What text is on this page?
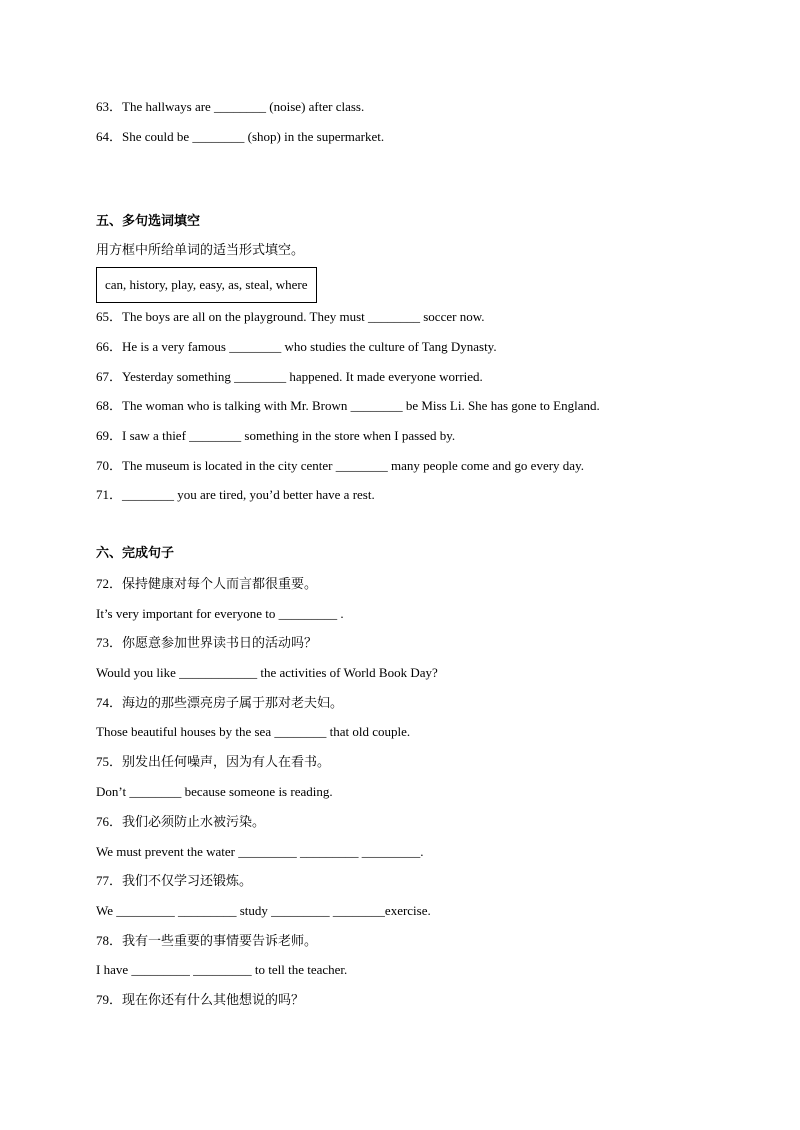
63．The hallways are ________ (noise) after class.
64．She could be ________ (shop) in the supermarket.
五、多句选词填空
用方框中所给单词的适当形式填空。
can, history, play, easy, as, steal, where
65．The boys are all on the playground. They must ________ soccer now.
66．He is a very famous ________ who studies the culture of Tang Dynasty.
67．Yesterday something ________ happened. It made everyone worried.
68．The woman who is talking with Mr. Brown ________ be Miss Li. She has gone to England.
69．I saw a thief ________ something in the store when I passed by.
70．The museum is located in the city center ________ many people come and go every day.
71．________ you are tired, you’d better have a rest.
六、完成句子
72．保持健康对每个人而言都很重要。
It’s very important for everyone to _________ .
73．你愿意参加世界读书日的活动吗？
Would you like ____________ the activities of World Book Day?
74．海边的那些漂亮房子属于那对老夫妇。
Those beautiful houses by the sea ________ that old couple.
75．别发出任何噪声，因为有人在看书。
Don’t ________ because someone is reading.
76．我们必须防止水被污染。
We must prevent the water _________ _________ _________.
77．我们不仅学习还锻炼。
We _________ _________ study _________ ________exercise.
78．我有一些重要的事情要告诉老师。
I have _________ _________ to tell the teacher.
79．现在你还有什么其他想说的吗？
